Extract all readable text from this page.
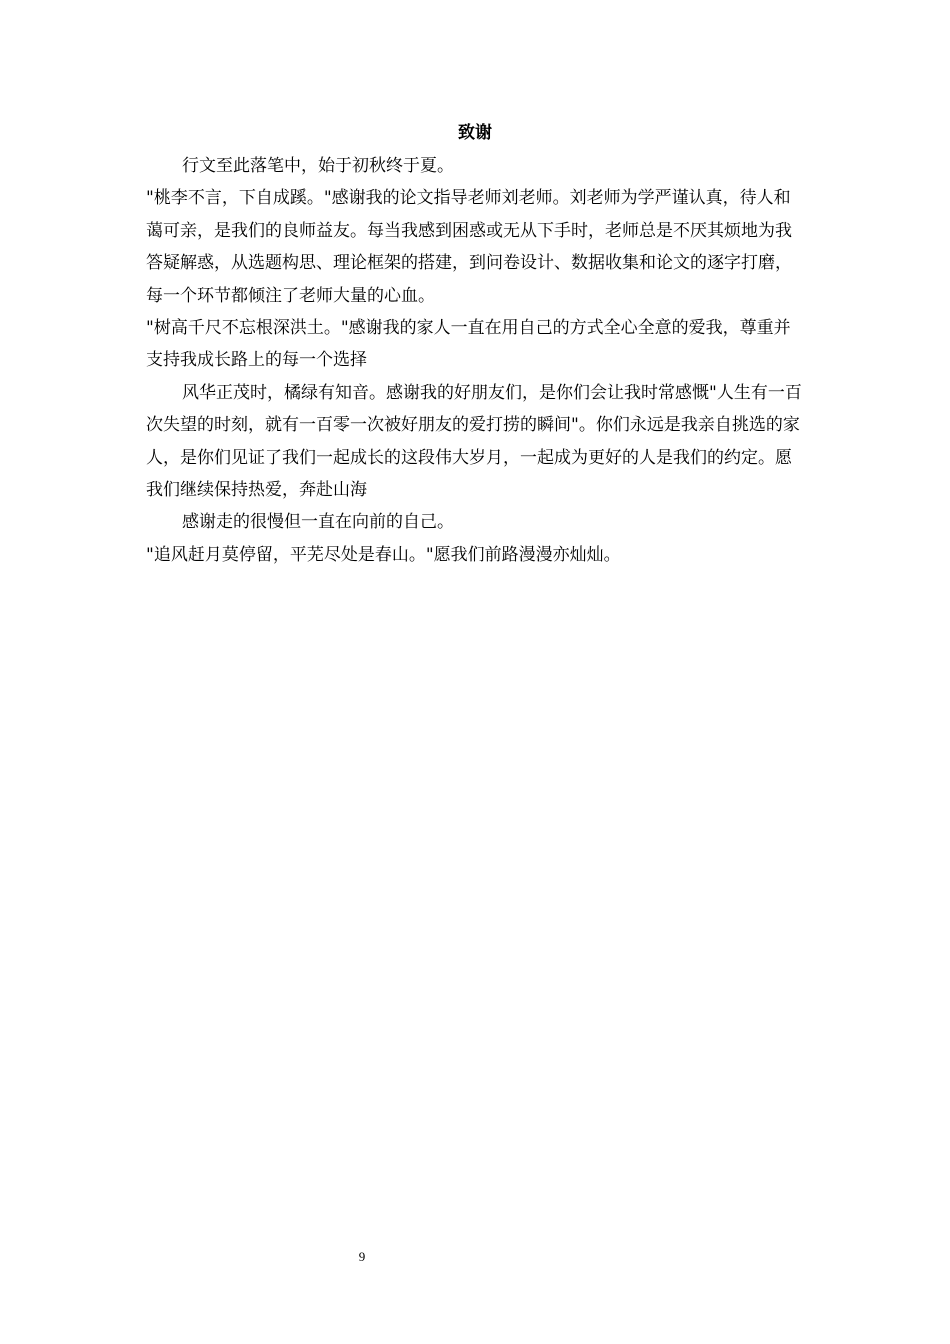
致谢

行文至此落笔中，始于初秋终于夏。

"桃李不言，下自成蹊。"感谢我的论文指导老师刘老师。刘老师为学严谨认真，待人和蔼可亲，是我们的良师益友。每当我感到困惑或无从下手时，老师总是不厌其烦地为我答疑解惑，从选题构思、理论框架的搭建，到问卷设计、数据收集和论文的逐字打磨，每一个环节都倾注了老师大量的心血。

"树高千尺不忘根深洪土。"感谢我的家人一直在用自己的方式全心全意的爱我，尊重并支持我成长路上的每一个选择

风华正茂时，橘绿有知音。感谢我的好朋友们，是你们会让我时常感慨"人生有一百次失望的时刻，就有一百零一次被好朋友的爱打捞的瞬间"。你们永远是我亲自挑选的家人，是你们见证了我们一起成长的这段伟大岁月，一起成为更好的人是我们的约定。愿我们继续保持热爱，奔赴山海

感谢走的很慢但一直在向前的自己。

"追风赶月莫停留，平芜尽处是春山。"愿我们前路漫漫亦灿灿。

9
